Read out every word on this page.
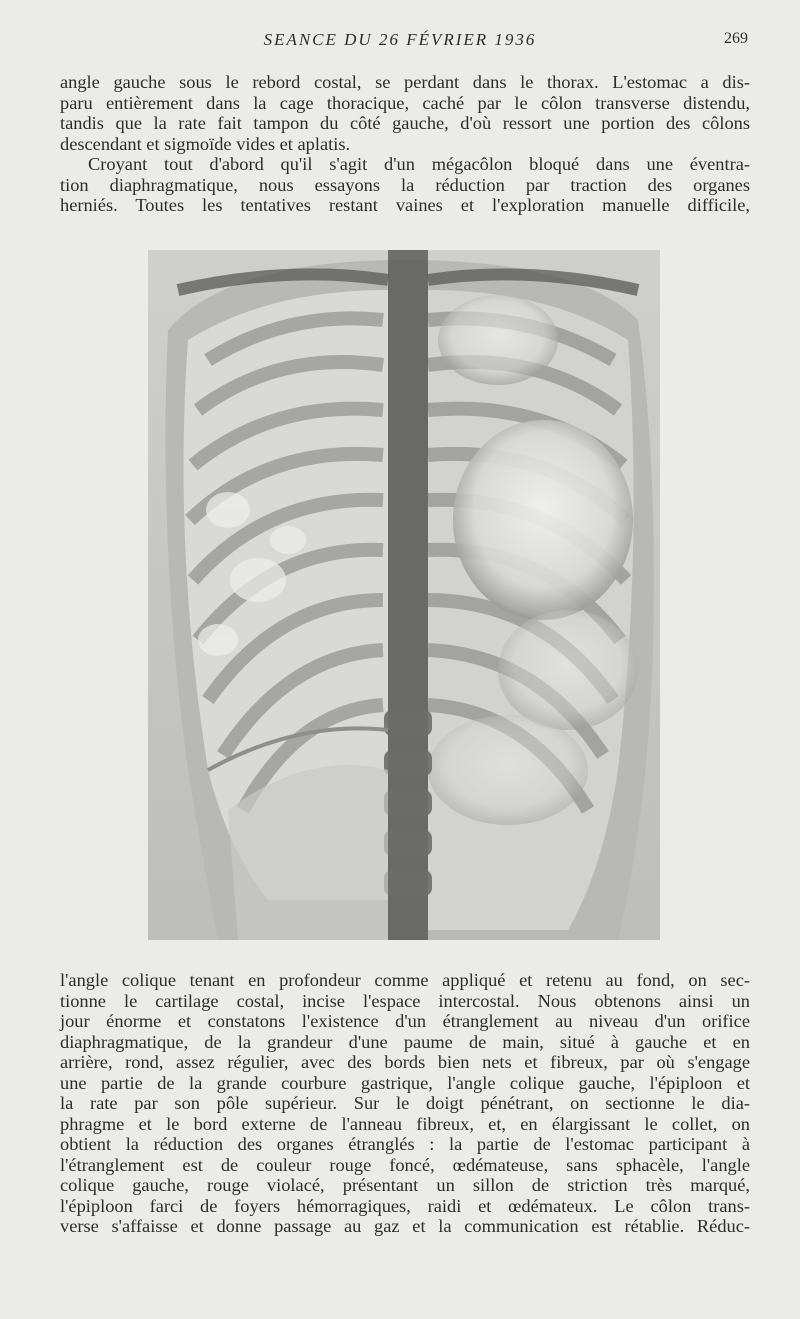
SEANCE DU 26 FÉVRIER 1936	269
angle gauche sous le rebord costal, se perdant dans le thorax. L'estomac a dis-
paru entièrement dans la cage thoracique, caché par le côlon transverse distendu,
tandis que la rate fait tampon du côté gauche, d'où ressort une portion des côlons
descendant et sigmoïde vides et aplatis.
Croyant tout d'abord qu'il s'agit d'un mégacôlon bloqué dans une éventra-
tion diaphragmatique, nous essayons la réduction par traction des organes
herniés. Toutes les tentatives restant vaines et l'exploration manuelle difficile,
l'angle colique tenant en profondeur comme appliqué et retenu au fond, on sec-
tionne le cartilage costal, incise l'espace intercostal. Nous obtenons ainsi un
jour énorme et constatons l'existence d'un étranglement au niveau d'un orifice
diaphragmatique, de la grandeur d'une paume de main, situé à gauche et en
arrière, rond, assez régulier, avec des bords bien nets et fibreux, par où s'engage
une partie de la grande courbure gastrique, l'angle colique gauche, l'épiploon et
la rate par son pôle supérieur. Sur le doigt pénétrant, on sectionne le dia-
phragme et le bord externe de l'anneau fibreux, et, en élargissant le collet, on
obtient la réduction des organes étranglés : la partie de l'estomac participant à
l'étranglement est de couleur rouge foncé, œdémateuse, sans sphacèle, l'angle
colique gauche, rouge violacé, présentant un sillon de striction très marqué,
l'épiploon farci de foyers hémorragiques, raidi et œdémateux. Le côlon trans-
verse s'affaisse et donne passage au gaz et la communication est rétablie. Réduc-
